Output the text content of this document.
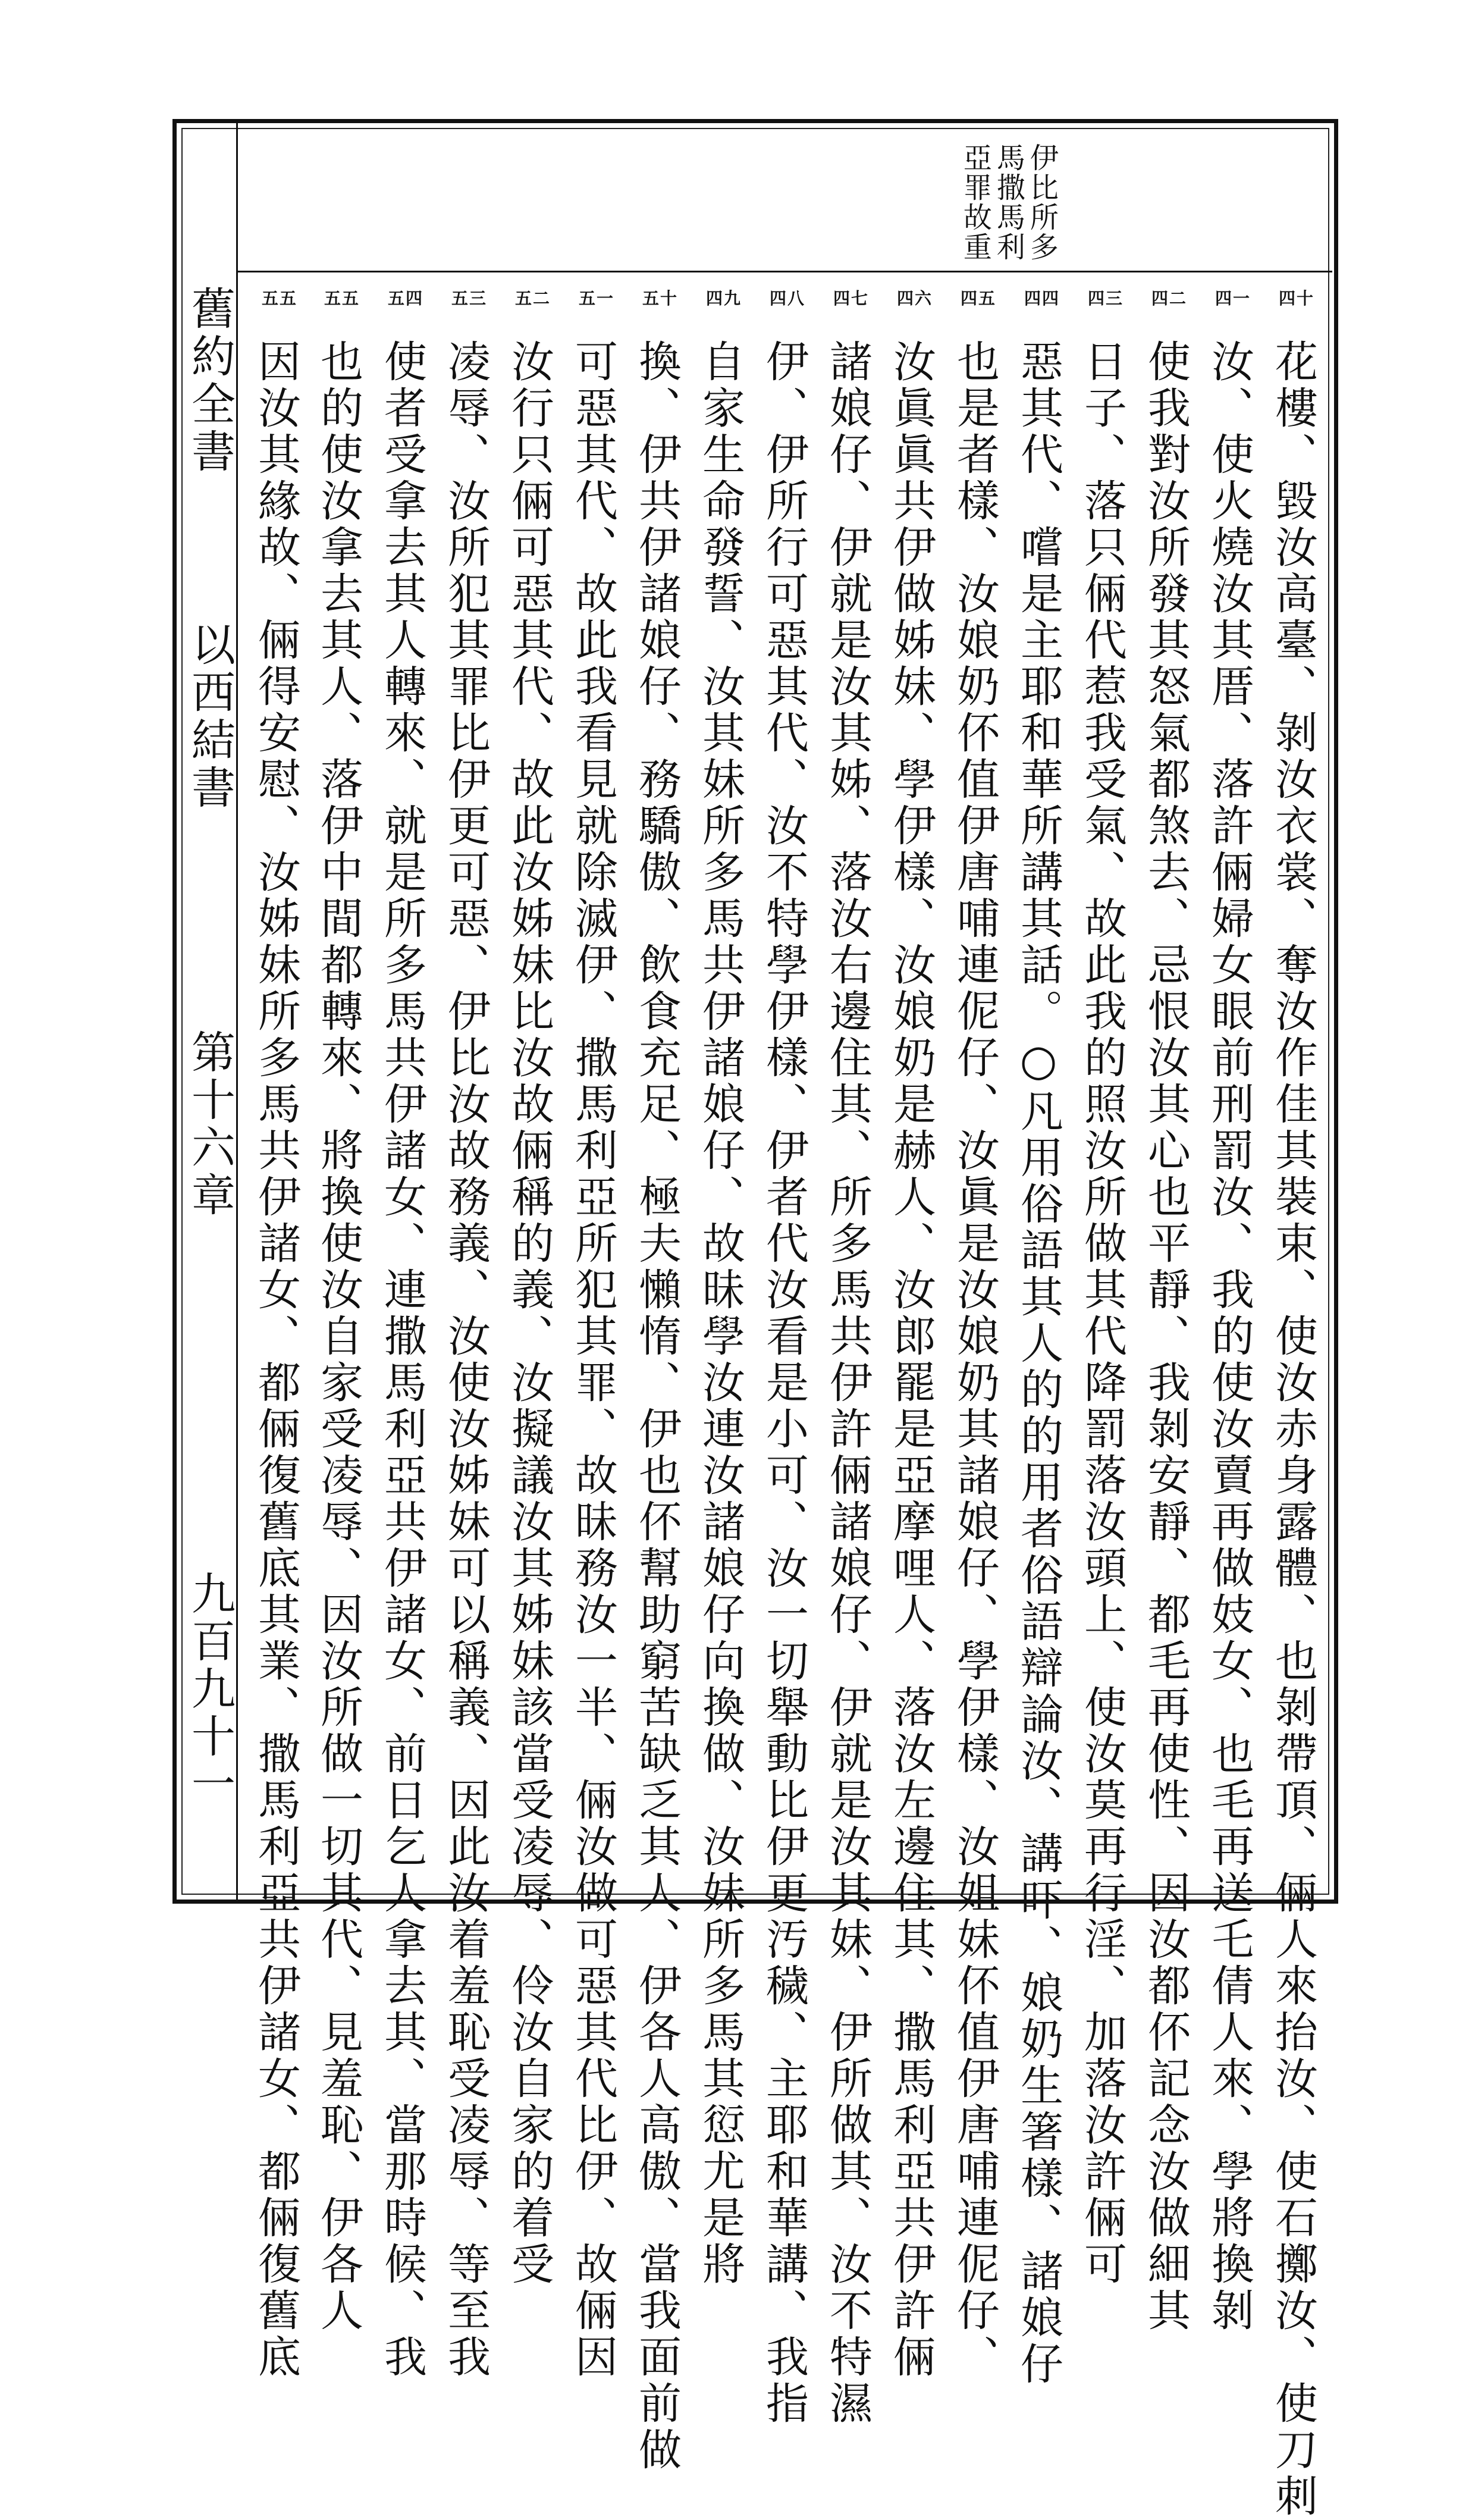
舊約全書
以西結書
第十六章
九百九十一
伊比所多
馬撒馬利
亞罪故重
四十
花樓、毀汝高臺、剝汝衣裳、奪汝作佳其裝束、使汝赤身露體、也剝帶頂、倆人來抬汝、使石擲汝、使刀刺
四一
汝、使火燒汝其厝、落許倆婦女眼前刑罰汝、我的使汝賣再做妓女、也毛再送乇倩人來、學將換剝
四二
使我對汝所發其怒氣都煞去、忌恨汝其心也平靜、我剝安靜、都毛再使性、因汝都伓記念汝做細其
四三
日子、落只倆代惹我受氣、故此我的照汝所做其代降罰落汝頭上、使汝莫再行淫、加落汝許倆可
四四
惡其代、嚐是主耶和華所講其話。○凡用俗語其人的的用者俗語辯論汝、講吓、娘奶生箸樣、諸娘仔
四五
也是者樣、汝娘奶伓值伊唐哺連伲仔、汝眞是汝娘奶其諸娘仔、學伊樣、汝姐妹伓值伊唐哺連伲仔、
四六
汝眞眞共伊做姊妹、學伊樣、汝娘奶是赫人、汝郎罷是亞摩哩人、落汝左邊住其、撒馬利亞共伊許倆
四七
諸娘仔、伊就是汝其姊、落汝右邊住其、所多馬共伊許倆諸娘仔、伊就是汝其妹、伊所做其、汝不特濕
四八
伊、伊所行可惡其代、汝不特學伊樣、伊者代汝看是小可、汝一切舉動比伊更汚穢、主耶和華講、我指
四九
自家生命發誓、汝其妹所多馬共伊諸娘仔、故昧學汝連汝諸娘仔向換做、汝妹所多馬其愆尤是將
五十
換、伊共伊諸娘仔、務驕傲、飲食充足、極夫懶惰、伊也伓幫助窮苦缺乏其人、伊各人高傲、當我面前做
五一
可惡其代、故此我看見就除滅伊、撒馬利亞所犯其罪、故昧務汝一半、倆汝做可惡其代比伊、故倆因
五二
汝行只倆可惡其代、故此汝姊妹比汝故倆稱的義、汝擬議汝其姊妹該當受凌辱、伶汝自家的着受
五三
凌辱、汝所犯其罪比伊更可惡、伊比汝故務義、汝使汝姊妹可以稱義、因此汝着羞恥受凌辱、等至我
五四
使者受拿去其人轉來、就是所多馬共伊諸女、連撒馬利亞共伊諸女、前日乞人拿去其、當那時候、我
五五
也的使汝拿去其人、落伊中間都轉來、將換使汝自家受凌辱、因汝所做一切其代、見羞恥、伊各人
五五
因汝其緣故、倆得安慰、汝姊妹所多馬共伊諸女、都倆復舊底其業、撒馬利亞共伊諸女、都倆復舊底
